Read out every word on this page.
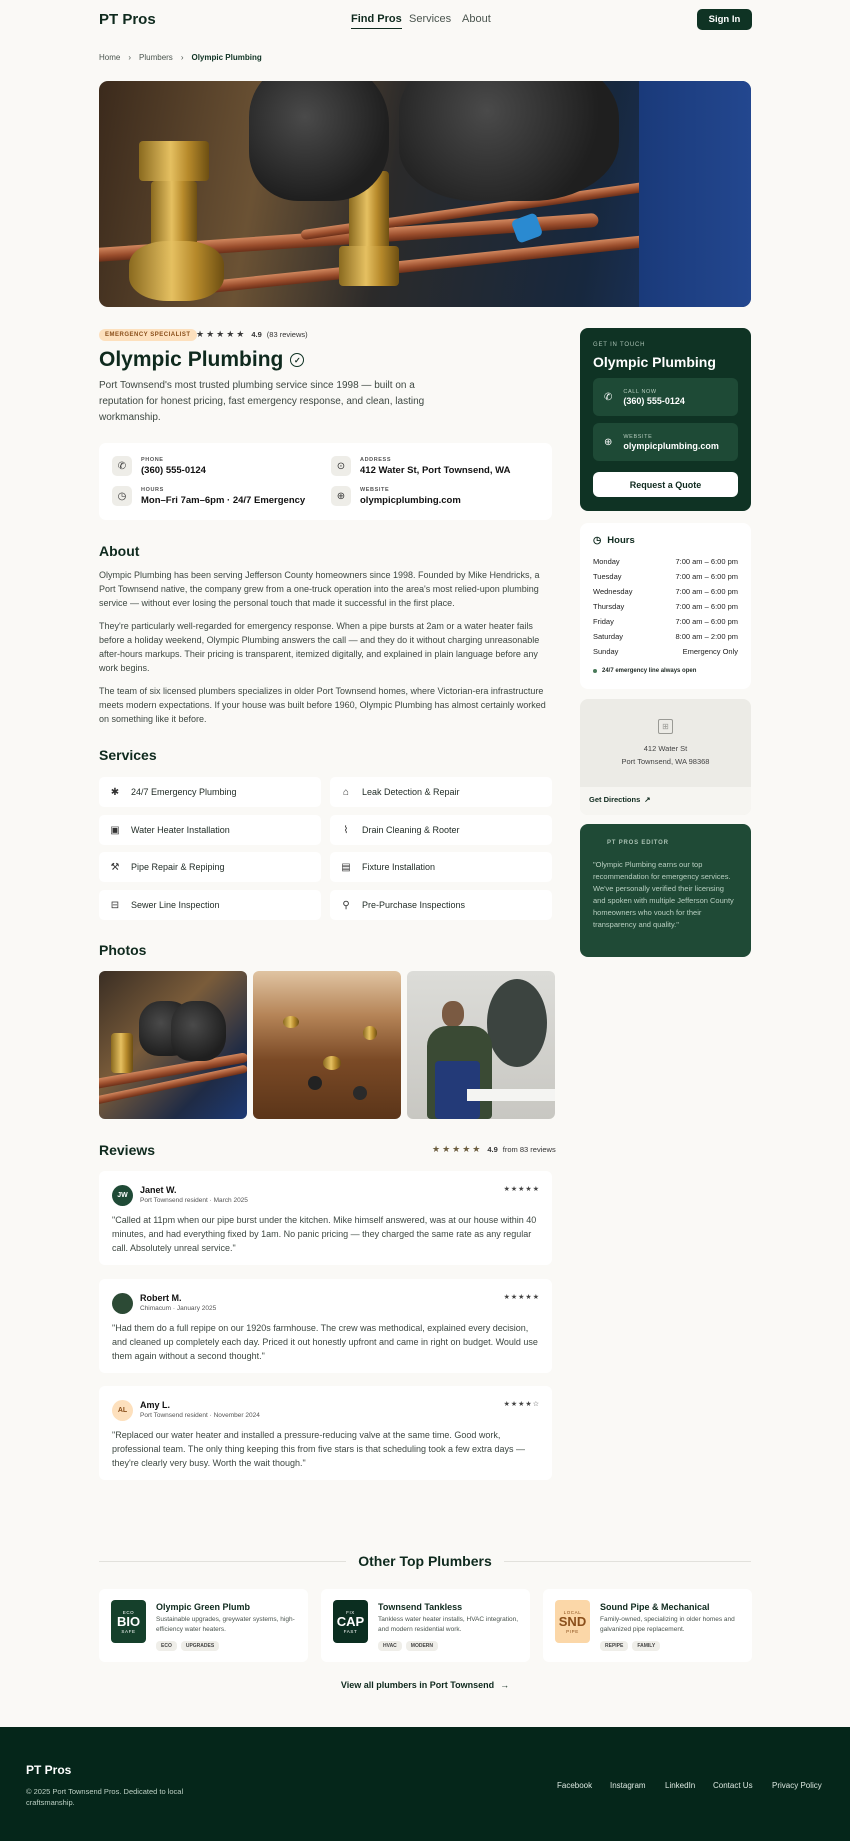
PT Pros	Find Pros Services About	Sign In
Home › Plumbers › Olympic Plumbing
EMERGENCY SPECIALIST ★★★★★ 4.9 (83 reviews)
Olympic Plumbing	✓
Port Townsend's most trusted plumbing service since 1998 — built on a reputation for honest pricing, fast emergency response, and clean, lasting workmanship.
✆
PHONE
(360) 555-0124	⊙
ADDRESS
412 Water St, Port Townsend, WA
◷
HOURS
Mon–Fri 7am–6pm · 24/7 Emergency	⊕
WEBSITE
olympicplumbing.com
About
Olympic Plumbing has been serving Jefferson County homeowners since 1998. Founded by Mike Hendricks, a Port Townsend native, the company grew from a one-truck operation into the area's most relied-upon plumbing service — without ever losing the personal touch that made it successful in the first place.
They're particularly well-regarded for emergency response. When a pipe bursts at 2am or a water heater fails before a holiday weekend, Olympic Plumbing answers the call — and they do it without charging unreasonable after-hours markups. Their pricing is transparent, itemized digitally, and explained in plain language before any work begins.
The team of six licensed plumbers specializes in older Port Townsend homes, where Victorian-era infrastructure meets modern expectations. If your house was built before 1960, Olympic Plumbing has almost certainly worked on something like it before.
Services
✱ 24/7 Emergency Plumbing	⌂	Leak Detection & Repair
▣ Water Heater Installation	⌇	Drain Cleaning & Rooter
⚒ Pipe Repair & Repiping	▤ Fixture Installation
⊟ Sewer Line Inspection	⚲ Pre-Purchase Inspections
Photos
Reviews	★★★★★ 4.9 from 83 reviews
JW
Janet W.
Port Townsend resident · March 2025
★★★★★
"Called at 11pm when our pipe burst under the kitchen. Mike himself answered, was at our house within 40 minutes, and had everything fixed by 1am. No panic pricing — they charged the same rate as any regular call. Absolutely unreal service."
Robert M.
Chimacum · January 2025
★★★★★
"Had them do a full repipe on our 1920s farmhouse. The crew was methodical, explained every decision, and cleaned up completely each day. Priced it out honestly upfront and came in right on budget. Would use them again without a second thought."
AL
Amy L.
Port Townsend resident · November 2024
★★★★☆
"Replaced our water heater and installed a pressure-reducing valve at the same time. Good work, professional team. The only thing keeping this from five stars is that scheduling took a few extra days — they're clearly very busy. Worth the wait though."
GET IN TOUCH
Olympic Plumbing
✆ CALL NOW
(360) 555-0124
⊕ WEBSITE
olympicplumbing.com
Request a Quote
◷ Hours
Monday	7:00 am – 6:00 pm
Tuesday	7:00 am – 6:00 pm
Wednesday	7:00 am – 6:00 pm
Thursday	7:00 am – 6:00 pm
Friday	7:00 am – 6:00 pm
Saturday	8:00 am – 2:00 pm
Sunday	Emergency Only
24/7 emergency line always open
⊞
412 Water St
Port Townsend, WA 98368
Get Directions ↗
PT PROS EDITOR
"Olympic Plumbing earns our top recommendation for emergency services. We've personally verified their licensing and spoken with multiple Jefferson County homeowners who vouch for their transparency and quality."
Other Top Plumbers
ECO
BIO
SAFE
Olympic Green Plumb
Sustainable upgrades, greywater systems, high-efficiency water heaters.
ECO	UPGRADES
FIX
CAP
FAST
Townsend Tankless
Tankless water heater installs, HVAC integration, and modern residential work.
HVAC	MODERN
LOCAL
SND
PIPE
Sound Pipe & Mechanical
Family-owned, specializing in older homes and galvanized pipe replacement.
REPIPE	FAMILY
View all plumbers in Port Townsend →
PT Pros
© 2025 Port Townsend Pros. Dedicated to local craftsmanship.
Facebook Instagram LinkedIn Contact Us Privacy Policy
